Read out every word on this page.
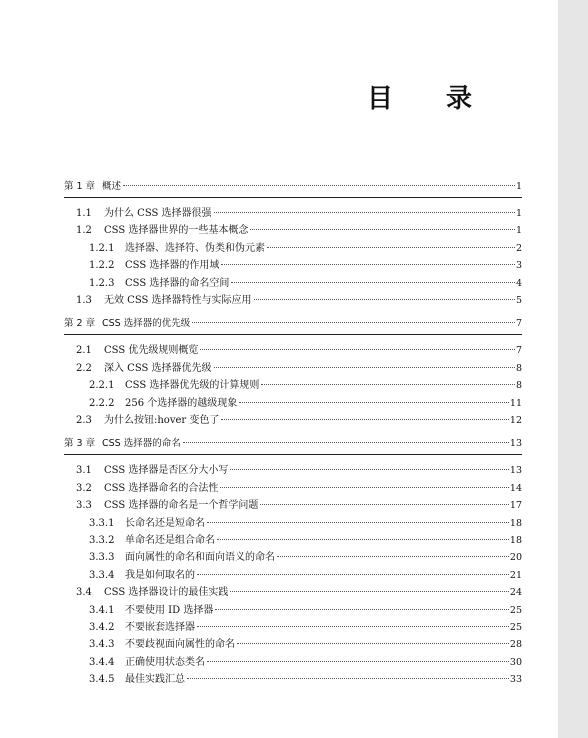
目 录
第 1 章 概述	1
1.1	为什么 CSS 选择器很强	1
1.2	CSS 选择器世界的一些基本概念	1
1.2.1	选择器、选择符、伪类和伪元素	2
1.2.2	CSS 选择器的作用域	3
1.2.3	CSS 选择器的命名空间	4
1.3	无效 CSS 选择器特性与实际应用	5
第 2 章 CSS 选择器的优先级	7
2.1	CSS 优先级规则概览	7
2.2	深入 CSS 选择器优先级	8
2.2.1	CSS 选择器优先级的计算规则	8
2.2.2	256 个选择器的越级现象	11
2.3	为什么按钮:hover 变色了	12
第 3 章 CSS 选择器的命名	13
3.1	CSS 选择器是否区分大小写	13
3.2	CSS 选择器命名的合法性	14
3.3	CSS 选择器的命名是一个哲学问题	17
3.3.1	长命名还是短命名	18
3.3.2	单命名还是组合命名	18
3.3.3	面向属性的命名和面向语义的命名	20
3.3.4	我是如何取名的	21
3.4	CSS 选择器设计的最佳实践	24
3.4.1	不要使用 ID 选择器	25
3.4.2	不要嵌套选择器	25
3.4.3	不要歧视面向属性的命名	28
3.4.4	正确使用状态类名	30
3.4.5	最佳实践汇总	33
